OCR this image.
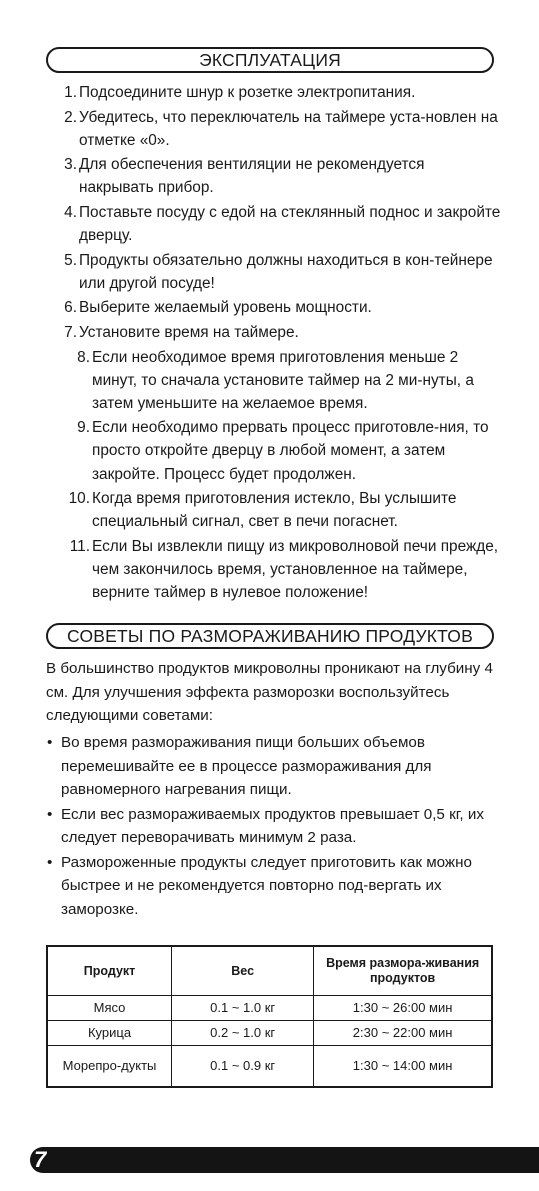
ЭКСПЛУАТАЦИЯ
1. Подсоедините шнур к розетке электропитания.
2. Убедитесь, что переключатель на таймере уста-новлен на отметке «0».
3. Для обеспечения вентиляции не рекомендуется накрывать прибор.
4. Поставьте посуду с едой на стеклянный поднос и закройте дверцу.
5. Продукты обязательно должны находиться в кон-тейнере или другой посуде!
6. Выберите желаемый уровень мощности.
7. Установите время на таймере.
8. Если необходимое время приготовления меньше 2 минут, то сначала установите таймер на 2 ми-нуты, а затем уменьшите на желаемое время.
9. Если необходимо прервать процесс приготовле-ния, то просто откройте дверцу в любой момент, а затем закройте. Процесс будет продолжен.
10. Когда время приготовления истекло, Вы услышите специальный сигнал, свет в печи погаснет.
11. Если Вы извлекли пищу из микроволновой печи прежде, чем закончилось время, установленное на таймере, верните таймер в нулевое положение!
СОВЕТЫ ПО РАЗМОРАЖИВАНИЮ ПРОДУКТОВ

В большинство продуктов микроволны проникают на глубину 4 см. Для улучшения эффекта разморозки воспользуйтесь следующими советами:

• Во время размораживания пищи больших объемов перемешивайте ее в процессе размораживания для равномерного нагревания пищи.
• Если вес размораживаемых продуктов превышает 0,5 кг, их следует переворачивать минимум 2 раза.
• Размороженные продукты следует приготовить как можно быстрее и не рекомендуется повторно под-вергать их заморозке.
Продукт	Вес	Время размора-живания продуктов
Мясо	0.1 ~ 1.0 кг	1:30 ~ 26:00 мин
Курица	0.2 ~ 1.0 кг	2:30 ~ 22:00 мин
Морепро-дукты	0.1 ~ 0.9 кг	1:30 ~ 14:00 мин
7
